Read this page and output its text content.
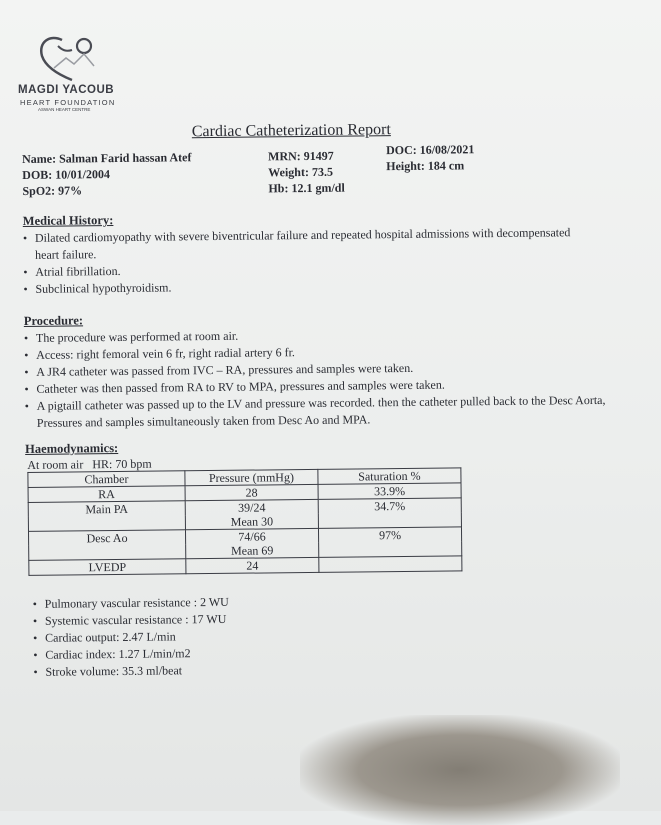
MAGDI YACOUB
HEART FOUNDATION
ASWAN HEART CENTRE
Cardiac Catheterization Report
Name: Salman Farid hassan Atef
DOB: 10/01/2004
SpO2: 97%
MRN: 91497
Weight: 73.5
Hb: 12.1 gm/dl
DOC: 16/08/2021
Height: 184 cm
Medical History:
• Dilated cardiomyopathy with severe biventricular failure and repeated hospital admissions with decompensated heart failure.
• Atrial fibrillation.
• Subclinical hypothyroidism.
Procedure:
• The procedure was performed at room air.
• Access: right femoral vein 6 fr, right radial artery 6 fr.
• A JR4 catheter was passed from IVC – RA, pressures and samples were taken.
• Catheter was then passed from RA to RV to MPA, pressures and samples were taken.
• A pigtaill catheter was passed up to the LV and pressure was recorded. then the catheter pulled back to the Desc Aorta, Pressures and samples simultaneously taken from Desc Ao and MPA.
Haemodynamics:
At room air HR: 70 bpm
Chamber	Pressure (mmHg)	Saturation %
RA	28	33.9%
Main PA	39/24	34.7%
	Mean 30	
Desc Ao	74/66	97%
	Mean 69	
LVEDP	24	
• Pulmonary vascular resistance : 2 WU
• Systemic vascular resistance : 17 WU
• Cardiac output: 2.47 L/min
• Cardiac index: 1.27 L/min/m2
• Stroke volume: 35.3 ml/beat
